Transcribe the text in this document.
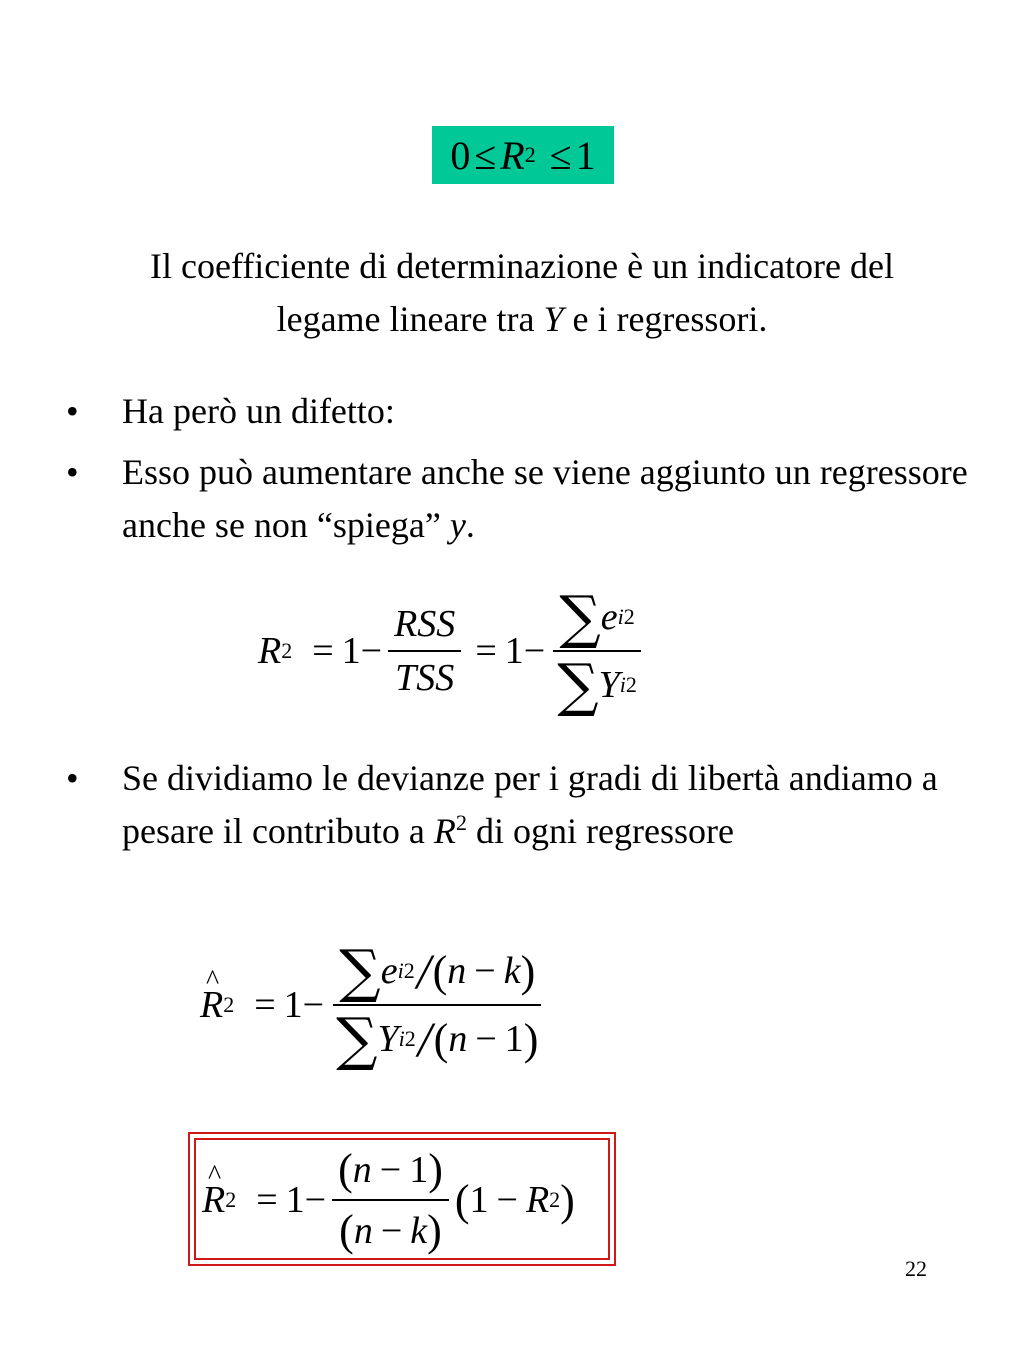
0 ≤ R 2 ≤ 1
Il coefficiente di determinazione è un indicatore del legame lineare tra Y e i regressori.
• Ha però un difetto:
• Esso può aumentare anche se viene aggiunto un regressore anche se non “spiega” y.
R $2 = 1 - \frac{\text{RSS}}{\text{TSS}} = 1 - \frac{\text{∑ e i 2}}{\text{∑ Y i 2}}$
• Se dividiamo le devianze per i gradi di libertà andiamo a pesare il contributo a $R^2$ di ogni regressore
^ R $2 = 1 - \frac{\text{∑ e i 2 / ( n − k )}}{\text{∑ Y i 2 / ( n − 1 )}}$
^ R $2 = 1 - \frac{( n - 1 )}{( n - k )}$ ( 1 − R 2 )
22
